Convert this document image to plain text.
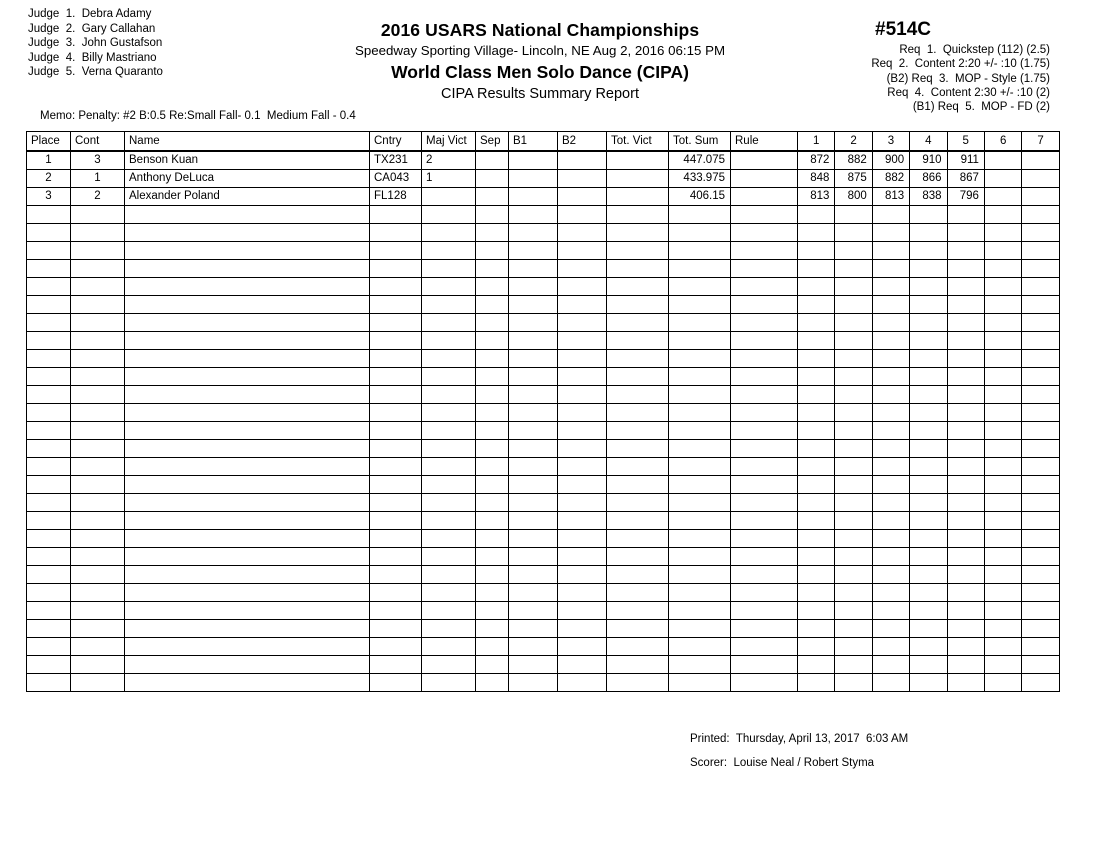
Judge  1.  Debra Adamy
Judge  2.  Gary Callahan
Judge  3.  John Gustafson
Judge  4.  Billy Mastriano
Judge  5.  Verna Quaranto
2016 USARS National Championships
Speedway Sporting Village- Lincoln, NE Aug 2, 2016 06:15 PM
World Class Men Solo Dance (CIPA)
CIPA Results Summary Report
#514C
Req  1.  Quickstep (112) (2.5)
Req  2.  Content 2:20 +/- :10 (1.75)
(B2) Req  3.  MOP - Style (1.75)
Req  4.  Content 2:30 +/- :10 (2)
(B1) Req  5.  MOP - FD (2)
Memo: Penalty: #2 B:0.5 Re:Small Fall- 0.1  Medium Fall - 0.4
Place	Cont	Name	Cntry	Maj Vict	Sep	B1	B2	Tot. Vict	Tot. Sum	Rule	1	2	3	4	5	6	7
1	3	Benson Kuan	TX231	2					447.075		872	882	900	910	911		
2	1	Anthony DeLuca	CA043	1					433.975		848	875	882	866	867		
3	2	Alexander Poland	FL128						406.15		813	800	813	838	796		

Printed:  Thursday, April 13, 2017  6:03 AM
Scorer:  Louise Neal / Robert Styma
